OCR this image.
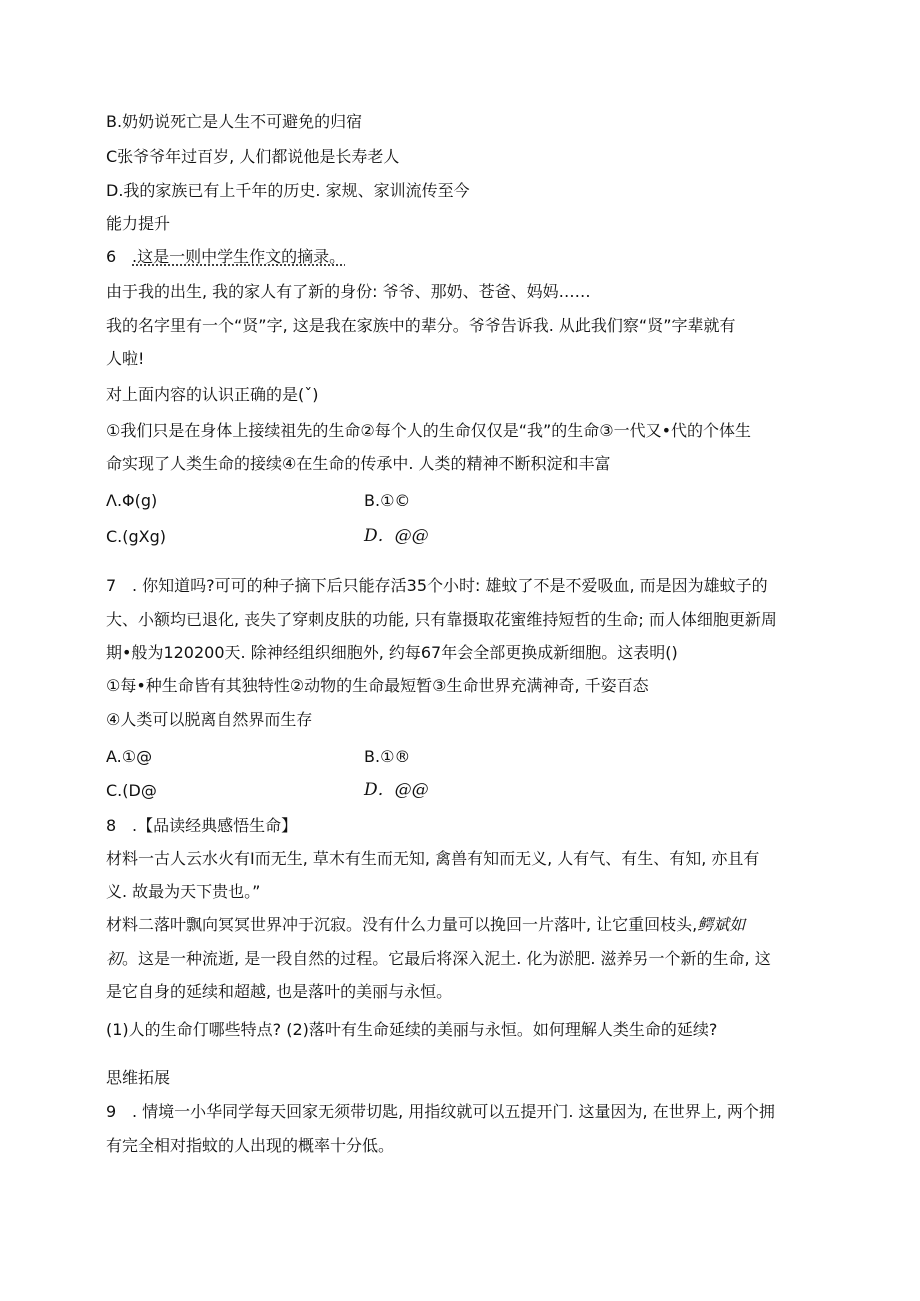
B.奶奶说死亡是人生不可避免的归宿
C张爷爷年过百岁, 人们都说他是长寿老人
D.我的家族已有上千年的历史. 家规、家训流传至今
能力提升
6 .这是一则中学生作文的摘录。
由于我的出生, 我的家人有了新的身份: 爷爷、那奶、苍爸、妈妈……
我的名字里有一个“贤”字, 这是我在家族中的辈分。爷爷告诉我. 从此我们察“贤”字辈就有
人啦!
对上面内容的认识正确的是(ˇ)
①我们只是在身体上接续祖先的生命②每个人的生命仅仅是“我”的生命③一代又•代的个体生
命实现了人类生命的接续④在生命的传承中. 人类的精神不断积淀和丰富
Λ.Φ(g)	B.①©
C.(gXg)	D．@@
7 . 你知道吗?可可的种子摘下后只能存活35个小时: 雄蚊了不是不爱吸血, 而是因为雄蚊子的
大、小额均已退化, 丧失了穿刺皮肤的功能, 只有靠摄取花蜜维持短哲的生命; 而人体细胞更新周
期•般为120200天. 除神经组织细胞外, 约每67年会全部更换成新细胞。这表明()
①每•种生命皆有其独特性②动物的生命最短暂③生命世界充满神奇, 千姿百态
④人类可以脱离自然界而生存
A.①@	B.①®
C.(D@	D．@@
8 .【品读经典感悟生命】
材料一古人云水火有Ⅰ而无生, 草木有生而无知, 禽兽有知而无义, 人有气、有生、有知, 亦且有
义. 故最为天下贵也。”
材料二落叶飘向冥冥世界冲于沉寂。没有什么力量可以挽回一片落叶, 让它重回枝头,鳄斌如
初。这是一种流逝, 是一段自然的过程。它最后将深入泥土. 化为淤肥. 滋养另一个新的生命, 这
是它自身的延续和超越, 也是落叶的美丽与永恒。
(1)人的生命仃哪些特点? (2)落叶有生命延续的美丽与永恒。如何理解人类生命的延续?
思维拓展
9 . 情境一小华同学每天回家无须带切匙, 用指纹就可以五提开门. 这量因为, 在世界上, 两个拥
有完全相对指蚊的人出现的概率十分低。
